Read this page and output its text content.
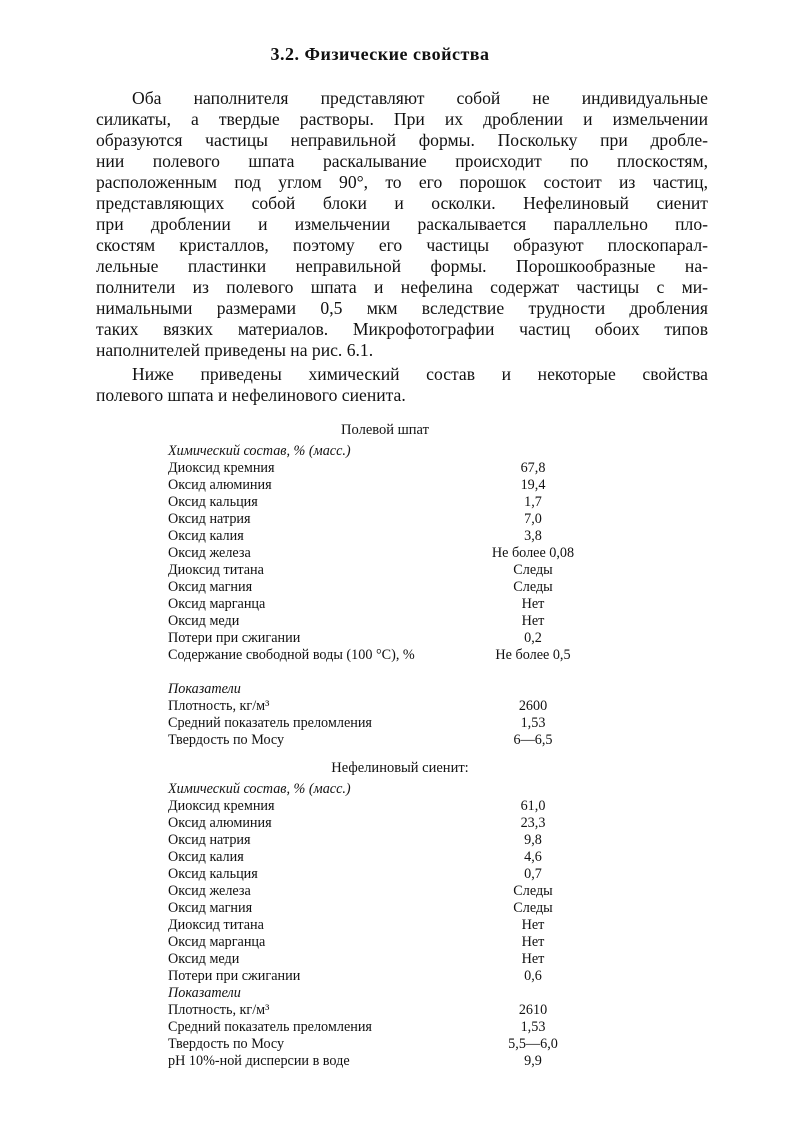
3.2. Физические свойства
Оба наполнителя представляют собой не индивидуальные
силикаты, а твердые растворы. При их дроблении и измельчении
образуются частицы неправильной формы. Поскольку при дробле-
нии полевого шпата раскалывание происходит по плоскостям,
расположенным под углом 90°, то его порошок состоит из частиц,
представляющих собой блоки и осколки. Нефелиновый сиенит
при дроблении и измельчении раскалывается параллельно пло-
скостям кристаллов, поэтому его частицы образуют плоскопарал-
лельные пластинки неправильной формы. Порошкообразные на-
полнители из полевого шпата и нефелина содержат частицы с ми-
нимальными размерами 0,5 мкм вследствие трудности дробления
таких вязких материалов. Микрофотографии частиц обоих типов
наполнителей приведены на рис. 6.1.
Ниже приведены химический состав и некоторые свойства
полевого шпата и нефелинового сиенита.
Полевой шпат
Химический состав, % (масс.)
Диоксид кремния	67,8
Оксид алюминия	19,4
Оксид кальция	1,7
Оксид натрия	7,0
Оксид калия	3,8
Оксид железа	Не более 0,08
Диоксид титана	Следы
Оксид магния	Следы
Оксид марганца	Нет
Оксид меди	Нет
Потери при сжигании	0,2
Содержание свободной воды (100 °С), %	Не более 0,5
Показатели
Плотность, кг/м³	2600
Средний показатель преломления	1,53
Твердость по Мосу	6—6,5
Нефелиновый сиенит:
Химический состав, % (масс.)
Диоксид кремния	61,0
Оксид алюминия	23,3
Оксид натрия	9,8
Оксид калия	4,6
Оксид кальция	0,7
Оксид железа	Следы
Оксид магния	Следы
Диоксид титана	Нет
Оксид марганца	Нет
Оксид меди	Нет
Потери при сжигании	0,6
Показатели
Плотность, кг/м³	2610
Средний показатель преломления	1,53
Твердость по Мосу	5,5—6,0
рН 10%-ной дисперсии в воде	9,9
